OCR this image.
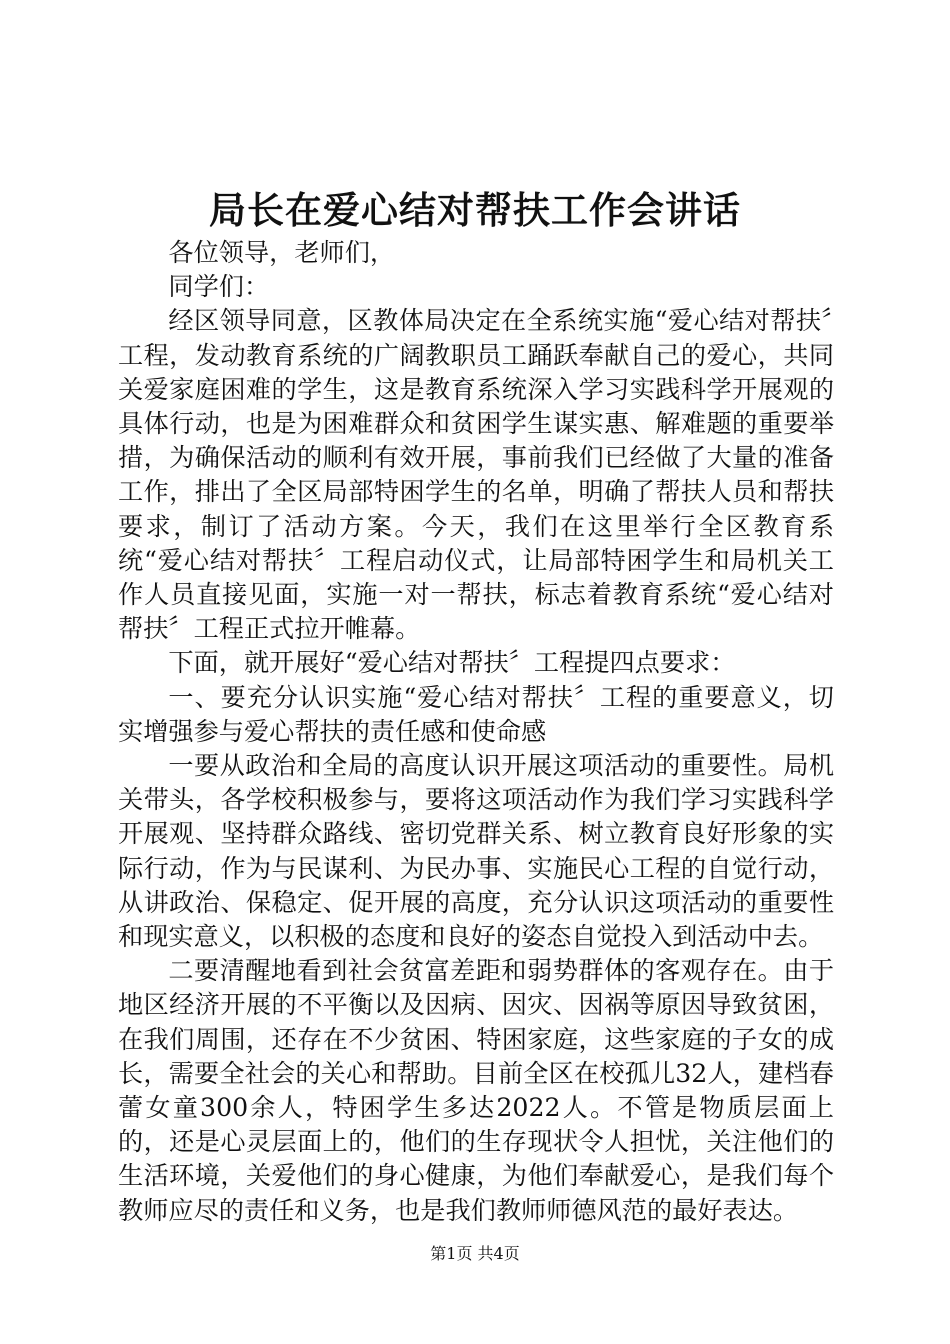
局长在爱心结对帮扶工作会讲话

各位领导，老师们，

同学们：

经区领导同意，区教体局决定在全系统实施“爱心结对帮扶〞工程，发动教育系统的广阔教职员工踊跃奉献自己的爱心，共同关爱家庭困难的学生，这是教育系统深入学习实践科学开展观的具体行动，也是为困难群众和贫困学生谋实惠、解难题的重要举措，为确保活动的顺利有效开展，事前我们已经做了大量的准备工作，排出了全区局部特困学生的名单，明确了帮扶人员和帮扶要求，制订了活动方案。今天，我们在这里举行全区教育系统“爱心结对帮扶〞工程启动仪式，让局部特困学生和局机关工作人员直接见面，实施一对一帮扶，标志着教育系统“爱心结对帮扶〞工程正式拉开帷幕。

下面，就开展好“爱心结对帮扶〞工程提四点要求：

一、要充分认识实施“爱心结对帮扶〞工程的重要意义，切实增强参与爱心帮扶的责任感和使命感

一要从政治和全局的高度认识开展这项活动的重要性。局机关带头，各学校积极参与，要将这项活动作为我们学习实践科学开展观、坚持群众路线、密切党群关系、树立教育良好形象的实际行动，作为与民谋利、为民办事、实施民心工程的自觉行动，从讲政治、保稳定、促开展的高度，充分认识这项活动的重要性和现实意义，以积极的态度和良好的姿态自觉投入到活动中去。

二要清醒地看到社会贫富差距和弱势群体的客观存在。由于地区经济开展的不平衡以及因病、因灾、因祸等原因导致贫困，在我们周围，还存在不少贫困、特困家庭，这些家庭的子女的成长，需要全社会的关心和帮助。目前全区在校孤儿32人，建档春蕾女童300余人，特困学生多达2022人。不管是物质层面上的，还是心灵层面上的，他们的生存现状令人担忧，关注他们的生活环境，关爱他们的身心健康，为他们奉献爱心，是我们每个教师应尽的责任和义务，也是我们教师师德风范的最好表达。

第1页 共4页
